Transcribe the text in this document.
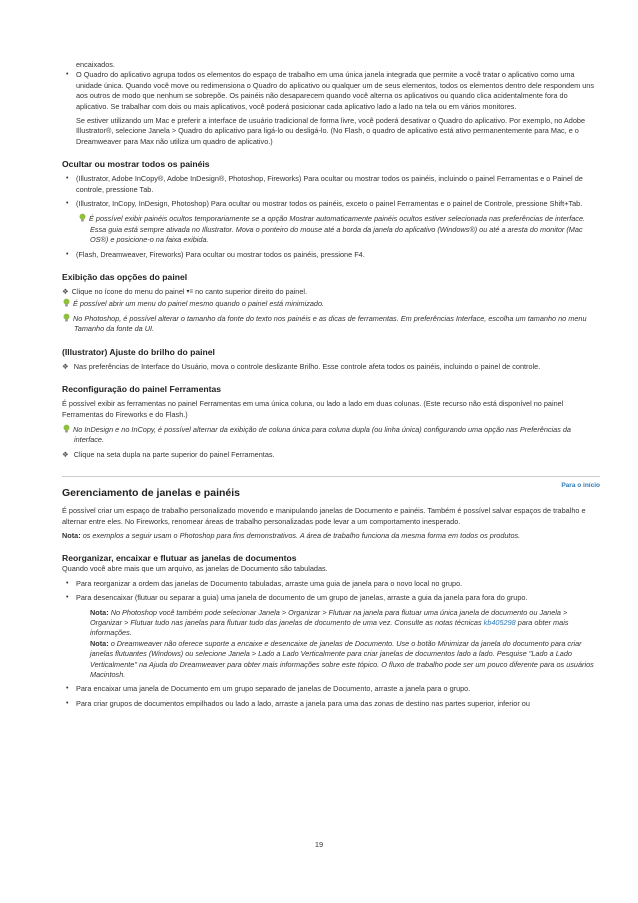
encaixados.

• O Quadro do aplicativo agrupa todos os elementos do espaço de trabalho em uma única janela integrada que permite a você tratar o aplicativo como uma unidade única. Quando você move ou redimensiona o Quadro do aplicativo ou qualquer um de seus elementos, todos os elementos dentro dele respondem uns aos outros de modo que nenhum se sobrepõe. Os painéis não desaparecem quando você alterna os aplicativos ou quando clica acidentalmente fora do aplicativo. Se trabalhar com dois ou mais aplicativos, você poderá posicionar cada aplicativo lado a lado na tela ou em vários monitores.

Se estiver utilizando um Mac e preferir a interface de usuário tradicional de forma livre, você poderá desativar o Quadro do aplicativo. Por exemplo, no Adobe Illustrator®, selecione Janela > Quadro do aplicativo para ligá-lo ou desligá-lo. (No Flash, o quadro de aplicativo está ativo permanentemente para Mac, e o Dreamweaver para Max não utiliza um quadro de aplicativo.)

Ocultar ou mostrar todos os painéis
• (Illustrator, Adobe InCopy®, Adobe InDesign®, Photoshop, Fireworks) Para ocultar ou mostrar todos os painéis, incluindo o painel Ferramentas e o Painel de controle, pressione Tab.
• (Illustrator, InCopy, InDesign, Photoshop) Para ocultar ou mostrar todos os painéis, exceto o painel Ferramentas e o painel de Controle, pressione Shift+Tab.

É possível exibir painéis ocultos temporariamente se a opção Mostrar automaticamente painéis ocultos estiver selecionada nas preferências de interface. Essa guia está sempre ativada no Illustrator. Mova o ponteiro do mouse até a borda da janela do aplicativo (Windows®) ou até a aresta do monitor (Mac OS®) e posicione-o na faixa exibida.

• (Flash, Dreamweaver, Fireworks) Para ocultar ou mostrar todos os painéis, pressione F4.
Exibição das opções do painel

❖ Clique no ícone do menu do painel ▾≡ no canto superior direito do painel.

É possível abrir um menu do painel mesmo quando o painel está minimizado.

No Photoshop, é possível alterar o tamanho da fonte do texto nos painéis e as dicas de ferramentas. Em preferências Interface, escolha um tamanho no menu Tamanho da fonte da UI.

(Illustrator) Ajuste do brilho do painel

❖ Nas preferências de Interface do Usuário, mova o controle deslizante Brilho. Esse controle afeta todos os painéis, incluindo o painel de controle.

Reconfiguração do painel Ferramentas

É possível exibir as ferramentas no painel Ferramentas em uma única coluna, ou lado a lado em duas colunas. (Este recurso não está disponível no painel Ferramentas do Fireworks e do Flash.)

No InDesign e no InCopy, é possível alternar da exibição de coluna única para coluna dupla (ou linha única) configurando uma opção nas Preferências da interface.

❖ Clique na seta dupla na parte superior do painel Ferramentas.

Para o início
Gerenciamento de janelas e painéis

É possível criar um espaço de trabalho personalizado movendo e manipulando janelas de Documento e painéis. Também é possível salvar espaços de trabalho e alternar entre eles. No Fireworks, renomear áreas de trabalho personalizadas pode levar a um comportamento inesperado.

Nota: os exemplos a seguir usam o Photoshop para fins demonstrativos. A área de trabalho funciona da mesma forma em todos os produtos.

Reorganizar, encaixar e flutuar as janelas de documentos

Quando você abre mais que um arquivo, as janelas de Documento são tabuladas.

• Para reorganizar a ordem das janelas de Documento tabuladas, arraste uma guia de janela para o novo local no grupo.
• Para desencaixar (flutuar ou separar a guia) uma janela de documento de um grupo de janelas, arraste a guia da janela para fora do grupo.

Nota: No Photoshop você também pode selecionar Janela > Organizar > Flutuar na janela para flutuar uma única janela de documento ou Janela > Organizar > Flutuar tudo nas janelas para flutuar tudo das janelas de documento de uma vez. Consulte as notas técnicas kb405298 para obter mais informações.

Nota: o Dreamweaver não oferece suporte a encaixe e desencaixe de janelas de Documento. Use o botão Minimizar da janela do documento para criar janelas flutuantes (Windows) ou selecione Janela > Lado a Lado Verticalmente para criar janelas de documentos lado a lado. Pesquise "Lado a Lado Verticalmente" na Ajuda do Dreamweaver para obter mais informações sobre este tópico. O fluxo de trabalho pode ser um pouco diferente para os usuários Macintosh.

• Para encaixar uma janela de Documento em um grupo separado de janelas de Documento, arraste a janela para o grupo.
• Para criar grupos de documentos empilhados ou lado a lado, arraste a janela para uma das zonas de destino nas partes superior, inferior ou
19
